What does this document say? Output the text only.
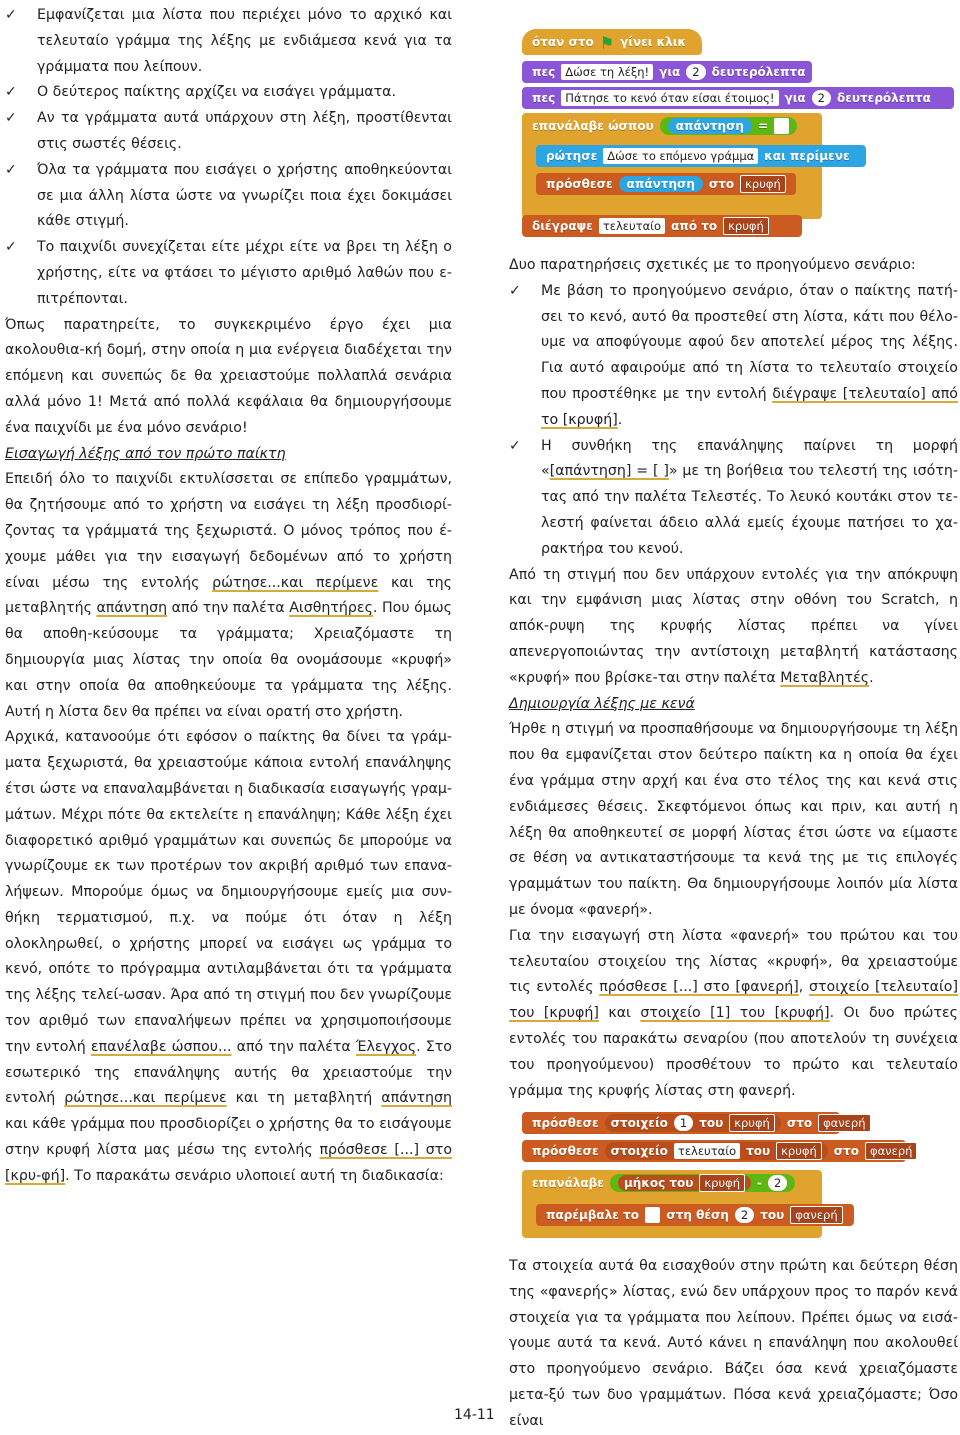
✓ Εμφανίζεται μια λίστα που περιέχει μόνο το αρχικό και τελευταίο γράμμα της λέξης με ενδιάμεσα κενά για τα γράμματα που λείπουν.
✓ Ο δεύτερος παίκτης αρχίζει να εισάγει γράμματα.
✓ Αν τα γράμματα αυτά υπάρχουν στη λέξη, προστίθενται στις σωστές θέσεις.
✓ Όλα τα γράμματα που εισάγει ο χρήστης αποθηκεύονται σε μια άλλη λίστα ώστε να γνωρίζει ποια έχει δοκιμάσει κάθε στιγμή.
✓ Το παιχνίδι συνεχίζεται είτε μέχρι είτε να βρει τη λέξη ο χρήστης, είτε να φτάσει το μέγιστο αριθμό λαθών που ε-πιτρέπονται.

Όπως παρατηρείτε, το συγκεκριμένο έργο έχει μια ακολουθια-κή δομή, στην οποία η μια ενέργεια διαδέχεται την επόμενη και συνεπώς δε θα χρειαστούμε πολλαπλά σενάρια αλλά μόνο 1! Μετά από πολλά κεφάλαια θα δημιουργήσουμε ένα παιχνίδι με ένα μόνο σενάριο!

Εισαγωγή λέξης από τον πρώτο παίκτη

Επειδή όλο το παιχνίδι εκτυλίσσεται σε επίπεδο γραμμάτων, θα ζητήσουμε από το χρήστη να εισάγει τη λέξη προσδιορί-ζοντας τα γράμματά της ξεχωριστά. Ο μόνος τρόπος που έ-χουμε μάθει για την εισαγωγή δεδομένων από το χρήστη είναι μέσω της εντολής ρώτησε...και περίμενε και της μεταβλητής απάντηση από την παλέτα Αισθητήρες. Που όμως θα αποθη-κεύσουμε τα γράμματα; Χρειαζόμαστε τη δημιουργία μιας λίστας την οποία θα ονομάσουμε «κρυφή» και στην οποία θα αποθηκεύουμε τα γράμματα της λέξης. Αυτή η λίστα δεν θα πρέπει να είναι ορατή στο χρήστη.

Αρχικά, κατανοούμε ότι εφόσον ο παίκτης θα δίνει τα γράμ-ματα ξεχωριστά, θα χρειαστούμε κάποια εντολή επανάληψης έτσι ώστε να επαναλαμβάνεται η διαδικασία εισαγωγής γραμ-μάτων. Μέχρι πότε θα εκτελείτε η επανάληψη; Κάθε λέξη έχει διαφορετικό αριθμό γραμμάτων και συνεπώς δε μπορούμε να γνωρίζουμε εκ των προτέρων τον ακριβή αριθμό των επανα-λήψεων. Μπορούμε όμως να δημιουργήσουμε εμείς μια συν-θήκη τερματισμού, π.χ. να πούμε ότι όταν η λέξη ολοκληρωθεί, ο χρήστης μπορεί να εισάγει ως γράμμα το κενό, οπότε το πρόγραμμα αντιλαμβάνεται ότι τα γράμματα της λέξης τελεί-ωσαν. Άρα από τη στιγμή που δεν γνωρίζουμε τον αριθμό των επαναλήψεων πρέπει να χρησιμοποιήσουμε την εντολή επανέλαβε ώσπου... από την παλέτα Έλεγχος. Στο εσωτερικό της επανάληψης αυτής θα χρειαστούμε την εντολή ρώτησε...και περίμενε και τη μεταβλητή απάντηση και κάθε γράμμα που προσδιορίζει ο χρήστης θα το εισάγουμε στην κρυφή λίστα μας μέσω της εντολής πρόσθεσε [...] στο [κρυ-φή]. Το παρακάτω σενάριο υλοποιεί αυτή τη διαδικασία:

όταν στο ⚑ γίνει κλικ
πες Δώσε τη λέξη! για	2	δευτερόλεπτα
πες Πάτησε το κενό όταν είσαι έτοιμος! για	2	δευτερόλεπτα
επανάλαβε ώσπου απάντηση =

ρώτησε Δώσε το επόμενο γράμμα και περίμενε
πρόσθεσε απάντηση στο κρυφή
διέγραψε τελευταίο από το κρυφή

Δυο παρατηρήσεις σχετικές με το προηγούμενο σενάριο:

✓ Με βάση το προηγούμενο σενάριο, όταν ο παίκτης πατή-σει το κενό, αυτό θα προστεθεί στη λίστα, κάτι που θέλο-υμε να αποφύγουμε αφού δεν αποτελεί μέρος της λέξης. Για αυτό αφαιρούμε από τη λίστα το τελευταίο στοιχείο που προστέθηκε με την εντολή διέγραψε [τελευταίο] από το [κρυφή].
✓ Η συνθήκη της επανάληψης παίρνει τη μορφή «[απάντηση] = [ ]» με τη βοήθεια του τελεστή της ισότη-τας από την παλέτα Τελεστές. Το λευκό κουτάκι στον τε-λεστή φαίνεται άδειο αλλά εμείς έχουμε πατήσει το χα-ρακτήρα του κενού.

Από τη στιγμή που δεν υπάρχουν εντολές για την απόκρυψη και την εμφάνιση μιας λίστας στην οθόνη του Scratch, η απόκ-ρυψη της κρυφής λίστας πρέπει να γίνει απενεργοποιώντας την αντίστοιχη μεταβλητή κατάστασης «κρυφή» που βρίσκε-ται στην παλέτα Μεταβλητές.

Δημιουργία λέξης με κενά

Ήρθε η στιγμή να προσπαθήσουμε να δημιουργήσουμε τη λέξη που θα εμφανίζεται στον δεύτερο παίκτη κα η οποία θα έχει ένα γράμμα στην αρχή και ένα στο τέλος της και κενά στις ενδιάμεσες θέσεις. Σκεφτόμενοι όπως και πριν, και αυτή η λέξη θα αποθηκευτεί σε μορφή λίστας έτσι ώστε να είμαστε σε θέση να αντικαταστήσουμε τα κενά της με τις επιλογές γραμμάτων του παίκτη. Θα δημιουργήσουμε λοιπόν μία λίστα με όνομα «φανερή».

Για την εισαγωγή στη λίστα «φανερή» του πρώτου και του τελευταίου στοιχείου της λίστας «κρυφή», θα χρειαστούμε τις εντολές πρόσθεσε [...] στο [φανερή], στοιχείο [τελευταίο] του [κρυφή] και στοιχείο [1] του [κρυφή]. Οι δυο πρώτες εντολές του παρακάτω σεναρίου (που αποτελούν τη συνέχεια του προηγούμενου) προσθέτουν το πρώτο και τελευταίο γράμμα της κρυφής λίστας στη φανερή.

πρόσθεσε στοιχείο	1	του κρυφή	στο φανερή
πρόσθεσε στοιχείο τελευταίο του κρυφή	στο φανερή
επανάλαβε μήκος του κρυφή	-	2
παρέμβαλε το
στη θέση	2	του φανερή

Τα στοιχεία αυτά θα εισαχθούν στην πρώτη και δεύτερη θέση της «φανερής» λίστας, ενώ δεν υπάρχουν προς το παρόν κενά στοιχεία για τα γράμματα που λείπουν. Πρέπει όμως να εισά-γουμε αυτά τα κενά. Αυτό κάνει η επανάληψη που ακολουθεί στο προηγούμενο σενάριο. Βάζει όσα κενά χρειαζόμαστε μετα-ξύ των δυο γραμμάτων. Πόσα κενά χρειαζόμαστε; Όσο είναι

14-11
